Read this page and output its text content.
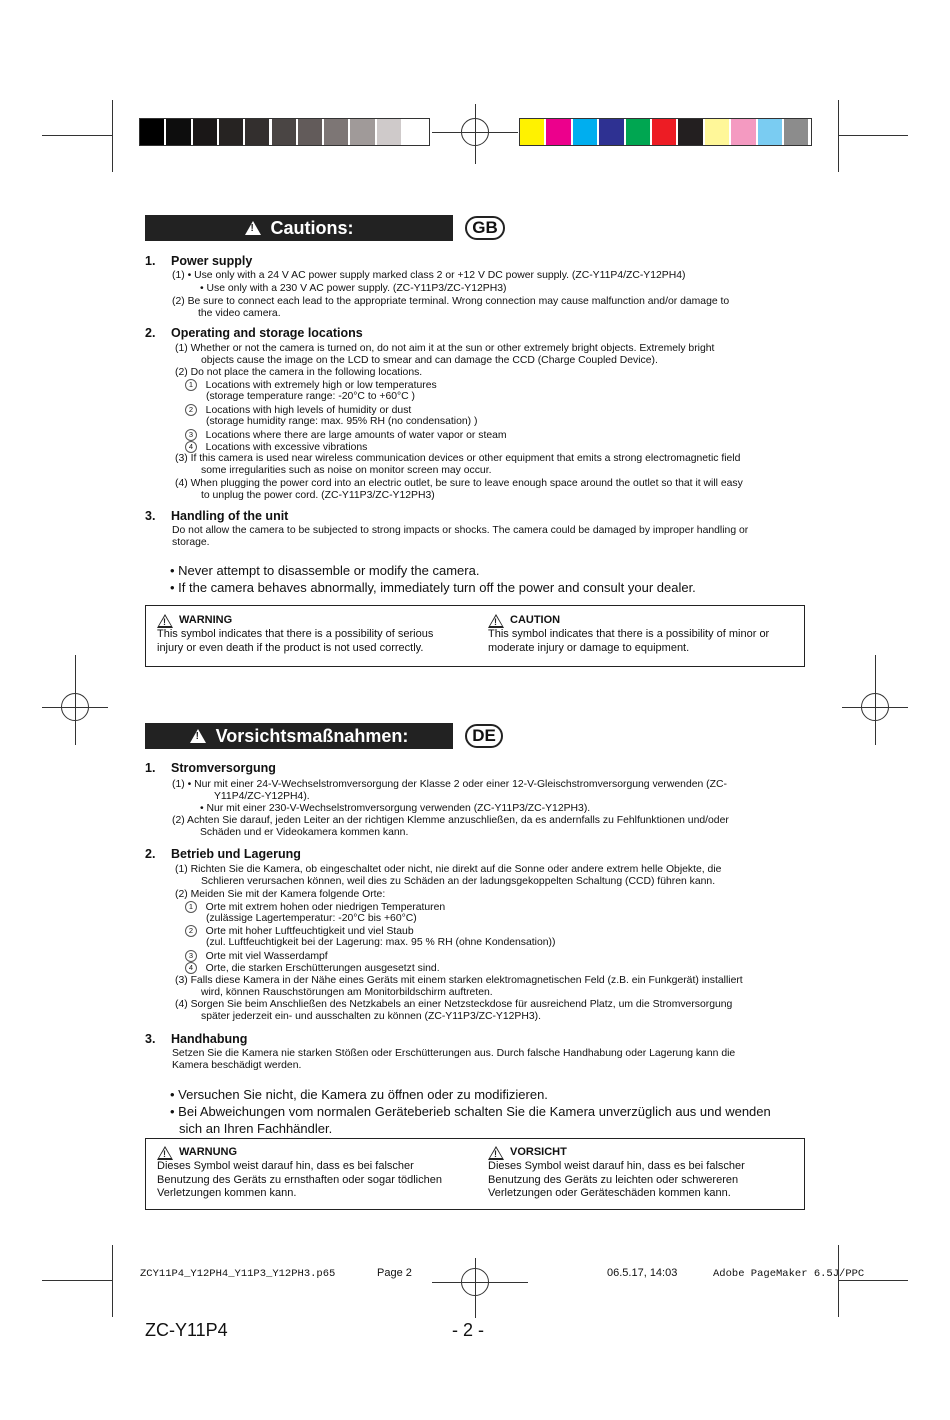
!
Cautions:	GB
1. Power supply
(1) • Use only with a 24 V AC power supply marked class 2 or +12 V DC power supply. (ZC-Y11P4/ZC-Y12PH4)
• Use only with a 230 V AC power supply. (ZC-Y11P3/ZC-Y12PH3)
(2) Be sure to connect each lead to the appropriate terminal. Wrong connection may cause malfunction and/or damage to
the video camera.
2. Operating and storage locations
(1) Whether or not the camera is turned on, do not aim it at the sun or other extremely bright objects. Extremely bright
objects cause the image on the LCD to smear and can damage the CCD (Charge Coupled Device).
(2) Do not place the camera in the following locations.
1 Locations with extremely high or low temperatures
(storage temperature range: -20°C to +60°C )
2 Locations with high levels of humidity or dust
(storage humidity range: max. 95% RH (no condensation) )
3 Locations where there are large amounts of water vapor or steam
4 Locations with excessive vibrations
(3) If this camera is used near wireless communication devices or other equipment that emits a strong electromagnetic field
some irregularities such as noise on monitor screen may occur.
(4) When plugging the power cord into an electric outlet, be sure to leave enough space around the outlet so that it will easy
to unplug the power cord. (ZC-Y11P3/ZC-Y12PH3)
3. Handling of the unit
Do not allow the camera to be subjected to strong impacts or shocks. The camera could be damaged by improper handling or
storage.
• Never attempt to disassemble or modify the camera.
• If the camera behaves abnormally, immediately turn off the power and consult your dealer.
!
WARNING
This symbol indicates that there is a possibility of serious
injury or even death if the product is not used correctly.
!
CAUTION
This symbol indicates that there is a possibility of minor or
moderate injury or damage to equipment.
!
Vorsichtsmaßnahmen:	DE
1. Stromversorgung
(1) • Nur mit einer 24-V-Wechselstromversorgung der Klasse 2 oder einer 12-V-Gleischstromversorgung verwenden (ZC-
Y11P4/ZC-Y12PH4).
• Nur mit einer 230-V-Wechselstromversorgung verwenden (ZC-Y11P3/ZC-Y12PH3).
(2) Achten Sie darauf, jeden Leiter an der richtigen Klemme anzuschließen, da es andernfalls zu Fehlfunktionen und/oder
Schäden und er Videokamera kommen kann.
2. Betrieb und Lagerung
(1) Richten Sie die Kamera, ob eingeschaltet oder nicht, nie direkt auf die Sonne oder andere extrem helle Objekte, die
Schlieren verursachen können, weil dies zu Schäden an der ladungsgekoppelten Schaltung (CCD) führen kann.
(2) Meiden Sie mit der Kamera folgende Orte:
1 Orte mit extrem hohen oder niedrigen Temperaturen
(zulässige Lagertemperatur: -20°C bis +60°C)
2 Orte mit hoher Luftfeuchtigkeit und viel Staub
(zul. Luftfeuchtigkeit bei der Lagerung: max. 95 % RH (ohne Kondensation))
3 Orte mit viel Wasserdampf
4 Orte, die starken Erschütterungen ausgesetzt sind.
(3) Falls diese Kamera in der Nähe eines Geräts mit einem starken elektromagnetischen Feld (z.B. ein Funkgerät) installiert
wird, können Rauschstörungen am Monitorbildschirm auftreten.
(4) Sorgen Sie beim Anschließen des Netzkabels an einer Netzsteckdose für ausreichend Platz, um die Stromversorgung
später jederzeit ein- und ausschalten zu können (ZC-Y11P3/ZC-Y12PH3).
3. Handhabung
Setzen Sie die Kamera nie starken Stößen oder Erschütterungen aus. Durch falsche Handhabung oder Lagerung kann die
Kamera beschädigt werden.
• Versuchen Sie nicht, die Kamera zu öffnen oder zu modifizieren.
• Bei Abweichungen vom normalen Geräteberieb schalten Sie die Kamera unverzüglich aus und wenden
sich an Ihren Fachhändler.
!
WARNUNG
Dieses Symbol weist darauf hin, dass es bei falscher
Benutzung des Geräts zu ernsthaften oder sogar tödlichen
Verletzungen kommen kann.
!
VORSICHT
Dieses Symbol weist darauf hin, dass es bei falscher
Benutzung des Geräts zu leichten oder schwereren
Verletzungen oder Geräteschäden kommen kann.
ZCY11P4_Y12PH4_Y11P3_Y12PH3.p65	Page 2	06.5.17, 14:03	Adobe PageMaker 6.5J/PPC
ZC-Y11P4	- 2 -
